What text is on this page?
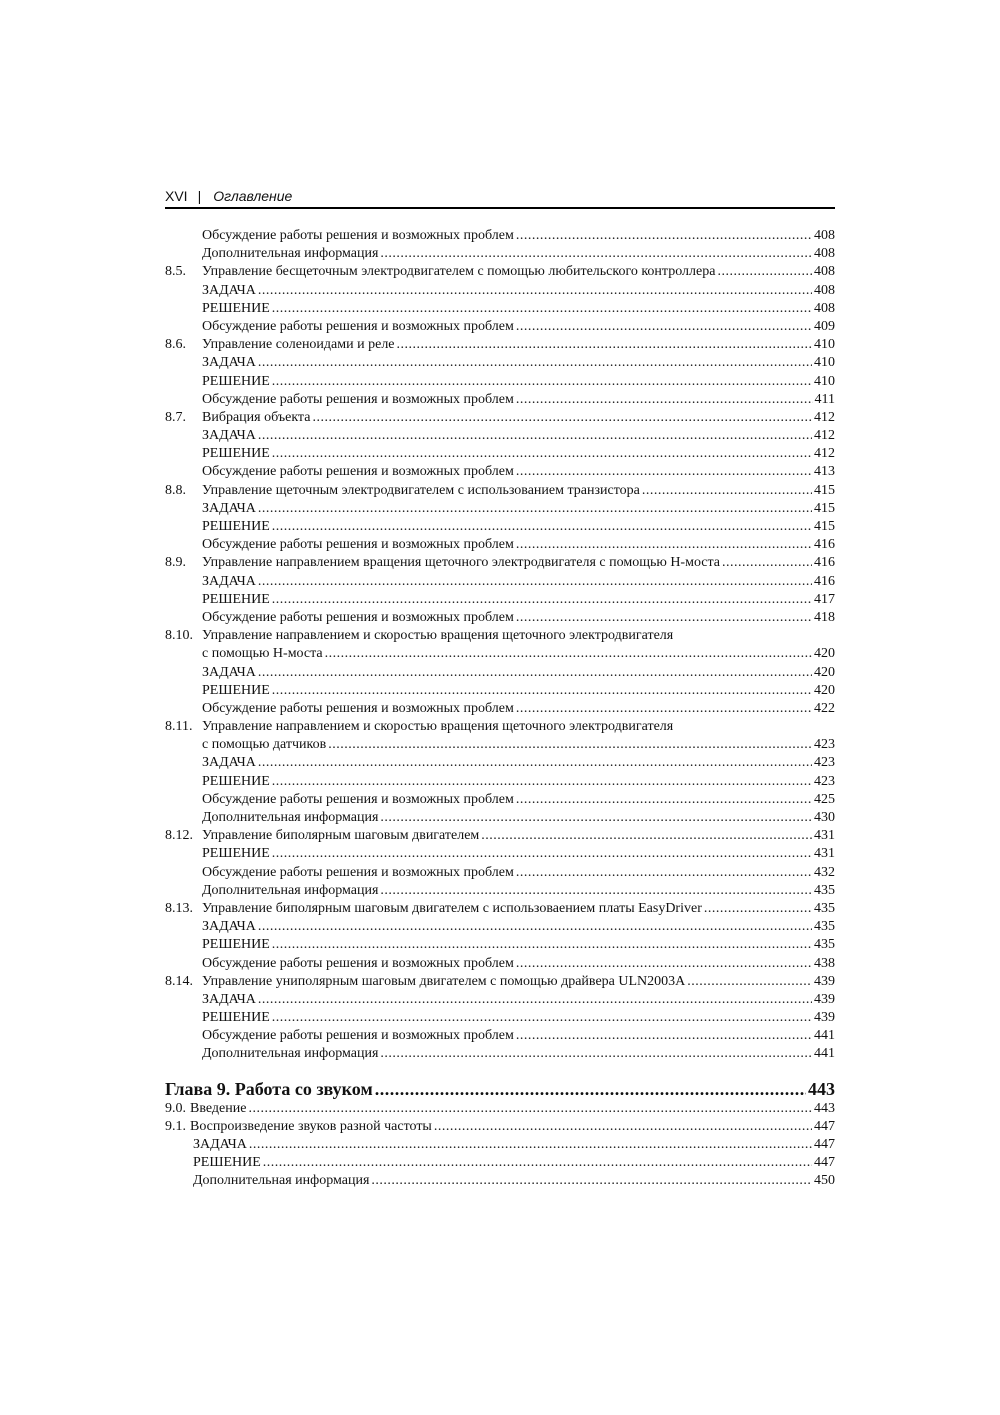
XVI | Оглавление
Обсуждение работы решения и возможных проблем .....	408
Дополнительная информация .....	408
8.5.	Управление бесщеточным электродвигателем с помощью любительского контроллера .....	408
ЗАДАЧА .....	408
РЕШЕНИЕ .....	408
Обсуждение работы решения и возможных проблем .....	409
8.6.	Управление соленоидами и реле .....	410
ЗАДАЧА .....	410
РЕШЕНИЕ .....	410
Обсуждение работы решения и возможных проблем .....	411
8.7.	Вибрация объекта .....	412
ЗАДАЧА .....	412
РЕШЕНИЕ .....	412
Обсуждение работы решения и возможных проблем .....	413
8.8.	Управление щеточным электродвигателем с использованием транзистора .....	415
ЗАДАЧА .....	415
РЕШЕНИЕ .....	415
Обсуждение работы решения и возможных проблем .....	416
8.9.	Управление направлением вращения щеточного электродвигателя с помощью Н-моста .....	416
ЗАДАЧА .....	416
РЕШЕНИЕ .....	417
Обсуждение работы решения и возможных проблем .....	418
8.10. Управление направлением и скоростью вращения щеточного электродвигателя
с помощью Н-моста .....	420
ЗАДАЧА .....	420
РЕШЕНИЕ .....	420
Обсуждение работы решения и возможных проблем .....	422
8.11. Управление направлением и скоростью вращения щеточного электродвигателя
с помощью датчиков .....	423
ЗАДАЧА .....	423
РЕШЕНИЕ .....	423
Обсуждение работы решения и возможных проблем .....	425
Дополнительная информация .....	430
8.12. Управление биполярным шаговым двигателем .....	431
РЕШЕНИЕ .....	431
Обсуждение работы решения и возможных проблем .....	432
Дополнительная информация .....	435
8.13. Управление биполярным шаговым двигателем с использоваением платы EasyDriver .....	435
ЗАДАЧА .....	435
РЕШЕНИЕ .....	435
Обсуждение работы решения и возможных проблем .....	438
8.14. Управление униполярным шаговым двигателем с помощью драйвера ULN2003A .....	439
ЗАДАЧА .....	439
РЕШЕНИЕ .....	439
Обсуждение работы решения и возможных проблем .....	441
Дополнительная информация .....	441
Глава 9. Работа со звуком .....	443
9.0. Введение .....	443
9.1. Воспроизведение звуков разной частоты .....	447
ЗАДАЧА .....	447
РЕШЕНИЕ .....	447
Дополнительная информация .....	450
